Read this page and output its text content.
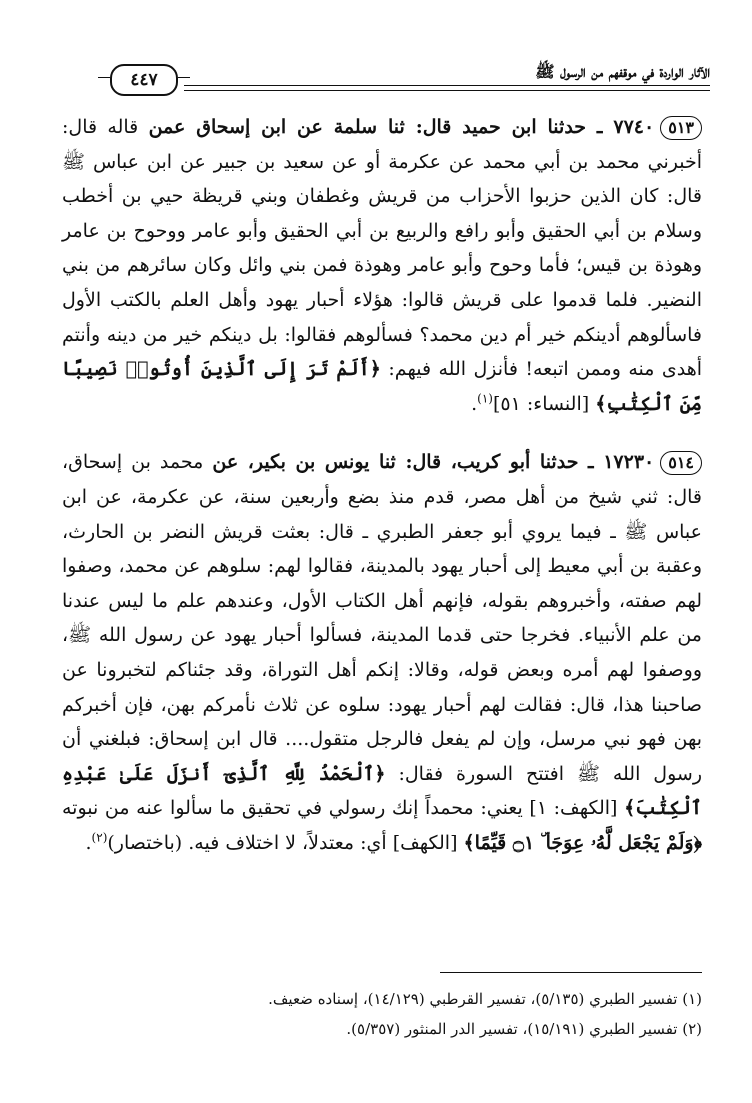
الآثار الواردة في موقفهم من الرسول ﷺ
٤٤٧

٥١٣٧٧٤٠ ـ حدثنا ابن حميد قال: ثنا سلمة عن ابن إسحاق عمن قاله قال: أخبرني محمد بن أبي محمد عن عكرمة أو عن سعيد بن جبير عن ابن عباس ﷺ قال: كان الذين حزبوا الأحزاب من قريش وغطفان وبني قريظة حيي بن أخطب وسلام بن أبي الحقيق وأبو رافع والربيع بن أبي الحقيق وأبو عامر ووحوح بن عامر وهوذة بن قيس؛ فأما وحوح وأبو عامر وهوذة فمن بني وائل وكان سائرهم من بني النضير. فلما قدموا على قريش قالوا: هؤلاء أحبار يهود وأهل العلم بالكتب الأول فاسألوهم أدينكم خير أم دين محمد؟ فسألوهم فقالوا: بل دينكم خير من دينه وأنتم أهدى منه وممن اتبعه! فأنزل الله فيهم: ﴿أَلَمْ تَرَ إِلَى ٱلَّذِينَ أُوتُوا۟ نَصِيبًا مِّنَ ٱلْكِتَٰبِ﴾ [النساء: ٥١]$^{(١)}$.

٥١٤١٧٢٣٠ ـ حدثنا أبو كريب، قال: ثنا يونس بن بكير، عن محمد بن إسحاق، قال: ثني شيخ من أهل مصر، قدم منذ بضع وأربعين سنة، عن عكرمة، عن ابن عباس ﷺ ـ فيما يروي أبو جعفر الطبري ـ قال: بعثت قريش النضر بن الحارث، وعقبة بن أبي معيط إلى أحبار يهود بالمدينة، فقالوا لهم: سلوهم عن محمد، وصفوا لهم صفته، وأخبروهم بقوله، فإنهم أهل الكتاب الأول، وعندهم علم ما ليس عندنا من علم الأنبياء. فخرجا حتى قدما المدينة، فسألوا أحبار يهود عن رسول الله ﷺ، ووصفوا لهم أمره وبعض قوله، وقالا: إنكم أهل التوراة، وقد جئناكم لتخبرونا عن صاحبنا هذا، قال: فقالت لهم أحبار يهود: سلوه عن ثلاث نأمركم بهن، فإن أخبركم بهن فهو نبي مرسل، وإن لم يفعل فالرجل متقول.... قال ابن إسحاق: فبلغني أن رسول الله ﷺ افتتح السورة فقال: ﴿ٱلْحَمْدُ لِلَّهِ ٱلَّذِىٓ أَنزَلَ عَلَىٰ عَبْدِهِ ٱلْكِتَٰبَ﴾ [الكهف: ١] يعني: محمداً إنك رسولي في تحقيق ما سألوا عنه من نبوته ﴿وَلَمْ يَجْعَل لَّهُۥ عِوَجَا ۜ ۝١ قَيِّمًا﴾ [الكهف] أي: معتدلاً، لا اختلاف فيه. (باختصار)$^{(٢)}$.

(١) تفسير الطبري (٥/١٣٥)، تفسير القرطبي (١٤/١٢٩)، إسناده ضعيف.

(٢) تفسير الطبري (١٥/١٩١)، تفسير الدر المنثور (٥/٣٥٧).
